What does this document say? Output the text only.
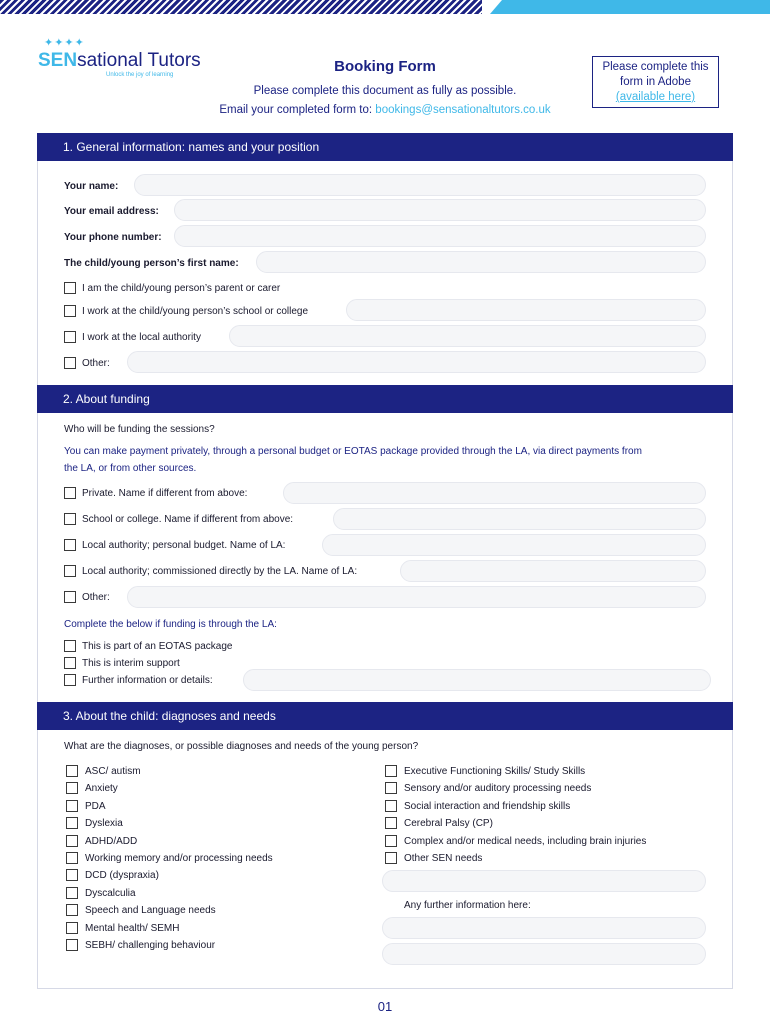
✦✦✦✦
SENsational Tutors
Unlock the joy of learning	Booking Form
Please complete this document as fully as possible.
Email your completed form to: bookings@sensationaltutors.co.uk
Please complete this
form in Adobe
(available here)
1. General information: names and your position
Your name:
Your email address:
Your phone number:
The child/young person’s first name:
I am the child/young person’s parent or carer
I work at the child/young person’s school or college
I work at the local authority
Other:
2. About funding
Who will be funding the sessions?
You can make payment privately, through a personal budget or EOTAS package provided through the LA, via direct payments from
the LA, or from other sources.
Private. Name if different from above:
School or college. Name if different from above:
Local authority; personal budget. Name of LA:
Local authority; commissioned directly by the LA. Name of LA:
Other:
Complete the below if funding is through the LA:
This is part of an EOTAS package
This is interim support
Further information or details:
3. About the child: diagnoses and needs
What are the diagnoses, or possible diagnoses and needs of the young person?
ASC/ autism
Anxiety
PDA
Dyslexia
ADHD/ADD
Working memory and/or processing needs
DCD (dyspraxia)
Dyscalculia
Speech and Language needs
Mental health/ SEMH
SEBH/ challenging behaviour
Executive Functioning Skills/ Study Skills
Sensory and/or auditory processing needs
Social interaction and friendship skills
Cerebral Palsy (CP)
Complex and/or medical needs, including brain injuries
Other SEN needs
Any further information here:
01
